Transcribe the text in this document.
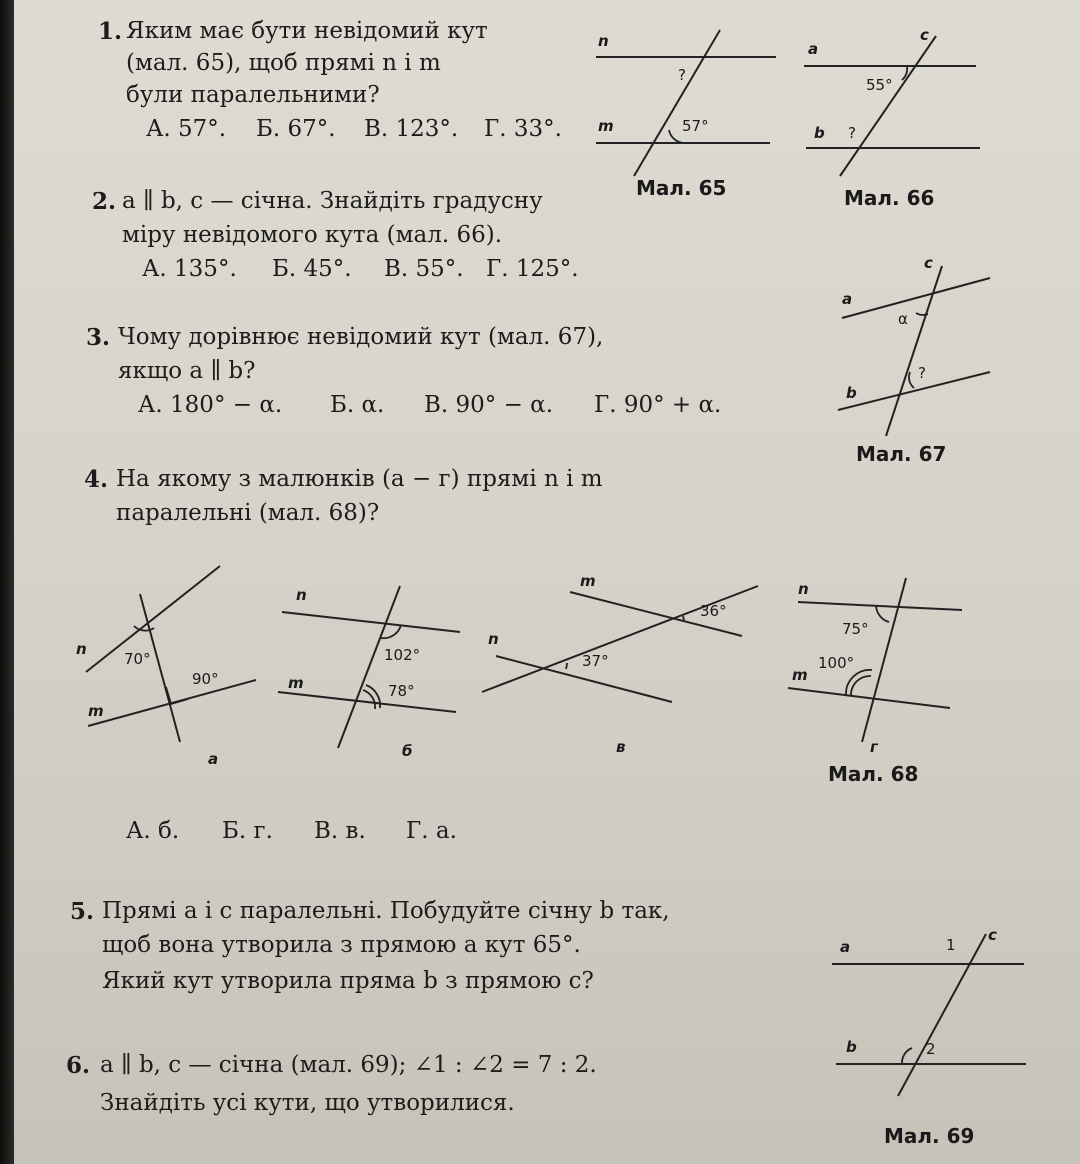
1. Яким має бути невідомий кут
(мал. 65), щоб прямі n і m
були паралельними?
А. 57°. Б. 67°. В. 123°. Г. 33°.
2. a ∥ b, c — січна. Знайдіть градусну
міру невідомого кута (мал. 66).
А. 135°. Б. 45°. В. 55°. Г. 125°.
3. Чому дорівнює невідомий кут (мал. 67),
якщо a ∥ b?
А. 180° − α. Б. α. В. 90° − α. Г. 90° + α.
4. На якому з малюнків (а − г) прямі n і m
паралельні (мал. 68)?
А. б. Б. г. В. в. Г. а.
5. Прямі a і c паралельні. Побудуйте січну b так,
щоб вона утворила з прямою a кут 65°.
Який кут утворила пряма b з прямою c?
6. a ∥ b, c — січна (мал. 69); ∠1 : ∠2 = 7 : 2.
Знайдіть усі кути, що утворилися.
Мал. 65	Мал. 66
Мал. 67
Мал. 68
Мал. 69
n
m
?
57°
a
b
c
55°
?
a
b
c
α
?
n
m
70°
90°
а
n
m
102°
78°
б
m
n
37°
36°
в
n
m
75°
100°
г
a
b
c
1
2
